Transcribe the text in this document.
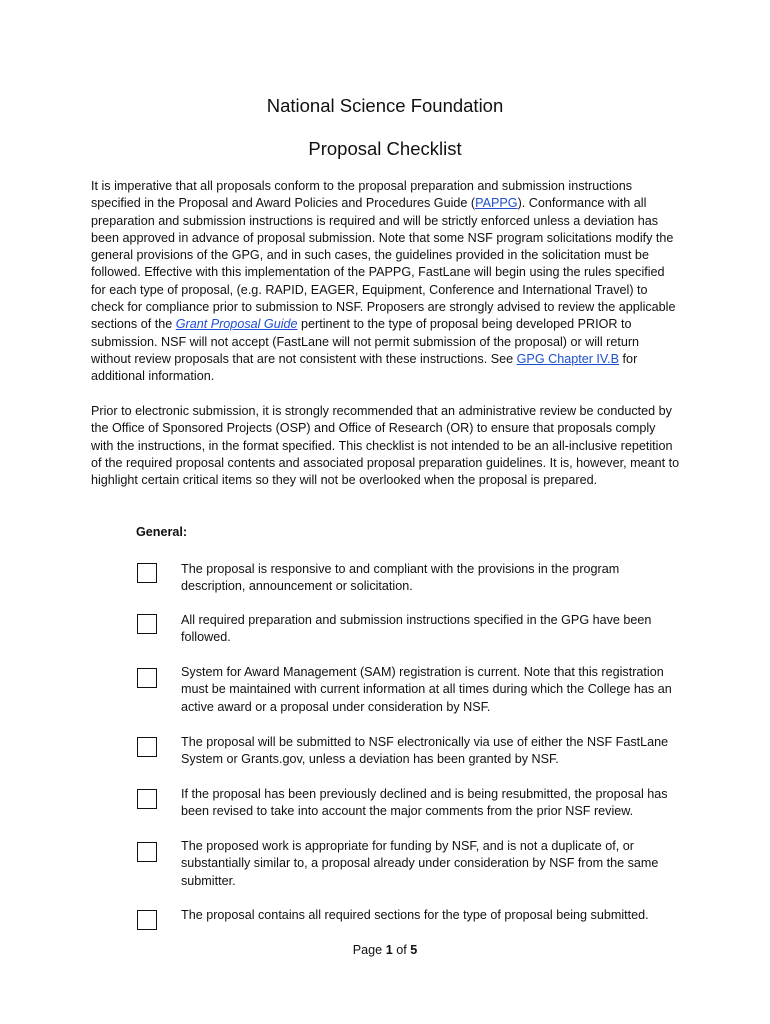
National Science Foundation
Proposal Checklist
It is imperative that all proposals conform to the proposal preparation and submission instructions specified in the Proposal and Award Policies and Procedures Guide (PAPPG). Conformance with all preparation and submission instructions is required and will be strictly enforced unless a deviation has been approved in advance of proposal submission. Note that some NSF program solicitations modify the general provisions of the GPG, and in such cases, the guidelines provided in the solicitation must be followed. Effective with this implementation of the PAPPG, FastLane will begin using the rules specified for each type of proposal, (e.g. RAPID, EAGER, Equipment, Conference and International Travel) to check for compliance prior to submission to NSF. Proposers are strongly advised to review the applicable sections of the Grant Proposal Guide pertinent to the type of proposal being developed PRIOR to submission. NSF will not accept (FastLane will not permit submission of the proposal) or will return without review proposals that are not consistent with these instructions. See GPG Chapter IV.B for additional information.
Prior to electronic submission, it is strongly recommended that an administrative review be conducted by the Office of Sponsored Projects (OSP) and Office of Research (OR) to ensure that proposals comply with the instructions, in the format specified. This checklist is not intended to be an all-inclusive repetition of the required proposal contents and associated proposal preparation guidelines. It is, however, meant to highlight certain critical items so they will not be overlooked when the proposal is prepared.
General:
The proposal is responsive to and compliant with the provisions in the program description, announcement or solicitation.
All required preparation and submission instructions specified in the GPG have been followed.
System for Award Management (SAM) registration is current. Note that this registration must be maintained with current information at all times during which the College has an active award or a proposal under consideration by NSF.
The proposal will be submitted to NSF electronically via use of either the NSF FastLane System or Grants.gov, unless a deviation has been granted by NSF.
If the proposal has been previously declined and is being resubmitted, the proposal has been revised to take into account the major comments from the prior NSF review.
The proposed work is appropriate for funding by NSF, and is not a duplicate of, or substantially similar to, a proposal already under consideration by NSF from the same submitter.
The proposal contains all required sections for the type of proposal being submitted.
Page 1 of 5
